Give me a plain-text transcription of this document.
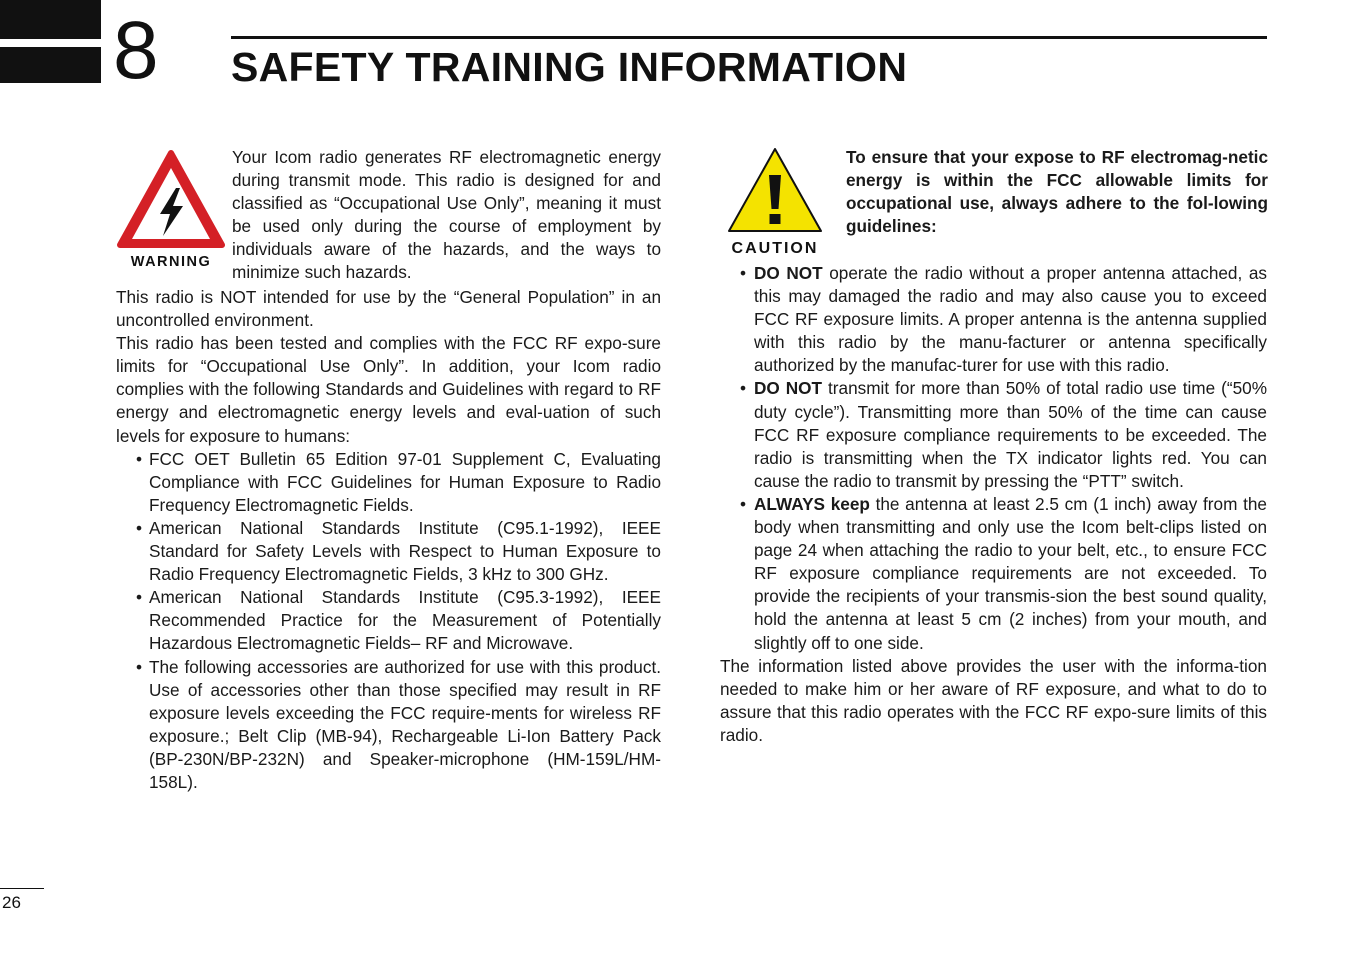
8 SAFETY TRAINING INFORMATION
WARNING

Your Icom radio generates RF electromagnetic energy during transmit mode. This radio is designed for and classified as “Occupational Use Only”, meaning it must be used only during the course of employment by individuals aware of the hazards, and the ways to minimize such hazards.

This radio is NOT intended for use by the “General Population” in an uncontrolled environment.

This radio has been tested and complies with the FCC RF expo-sure limits for “Occupational Use Only”. In addition, your Icom radio complies with the following Standards and Guidelines with regard to RF energy and electromagnetic energy levels and eval-uation of such levels for exposure to humans:

• FCC OET Bulletin 65 Edition 97-01 Supplement C, Evaluating Compliance with FCC Guidelines for Human Exposure to Radio Frequency Electromagnetic Fields.
• American National Standards Institute (C95.1-1992), IEEE Standard for Safety Levels with Respect to Human Exposure to Radio Frequency Electromagnetic Fields, 3 kHz to 300 GHz.
• American National Standards Institute (C95.3-1992), IEEE Recommended Practice for the Measurement of Potentially Hazardous Electromagnetic Fields– RF and Microwave.
• The following accessories are authorized for use with this product. Use of accessories other than those specified may result in RF exposure levels exceeding the FCC require-ments for wireless RF exposure.; Belt Clip (MB-94), Rechargeable Li-Ion Battery Pack (BP-230N/BP-232N) and Speaker-microphone (HM-159L/HM-158L).
CAUTION

To ensure that your expose to RF electromag-netic energy is within the FCC allowable limits for occupational use, always adhere to the fol-lowing guidelines:

• DO NOT operate the radio without a proper antenna attached, as this may damaged the radio and may also cause you to exceed FCC RF exposure limits. A proper antenna is the antenna supplied with this radio by the manu-facturer or antenna specifically authorized by the manufac-turer for use with this radio.
• DO NOT transmit for more than 50% of total radio use time (“50% duty cycle”). Transmitting more than 50% of the time can cause FCC RF exposure compliance requirements to be exceeded. The radio is transmitting when the TX indicator lights red. You can cause the radio to transmit by pressing the “PTT” switch.
• ALWAYS keep the antenna at least 2.5 cm (1 inch) away from the body when transmitting and only use the Icom belt-clips listed on page 24 when attaching the radio to your belt, etc., to ensure FCC RF exposure compliance requirements are not exceeded. To provide the recipients of your transmis-sion the best sound quality, hold the antenna at least 5 cm (2 inches) from your mouth, and slightly off to one side.

The information listed above provides the user with the informa-tion needed to make him or her aware of RF exposure, and what to do to assure that this radio operates with the FCC RF expo-sure limits of this radio.

26
